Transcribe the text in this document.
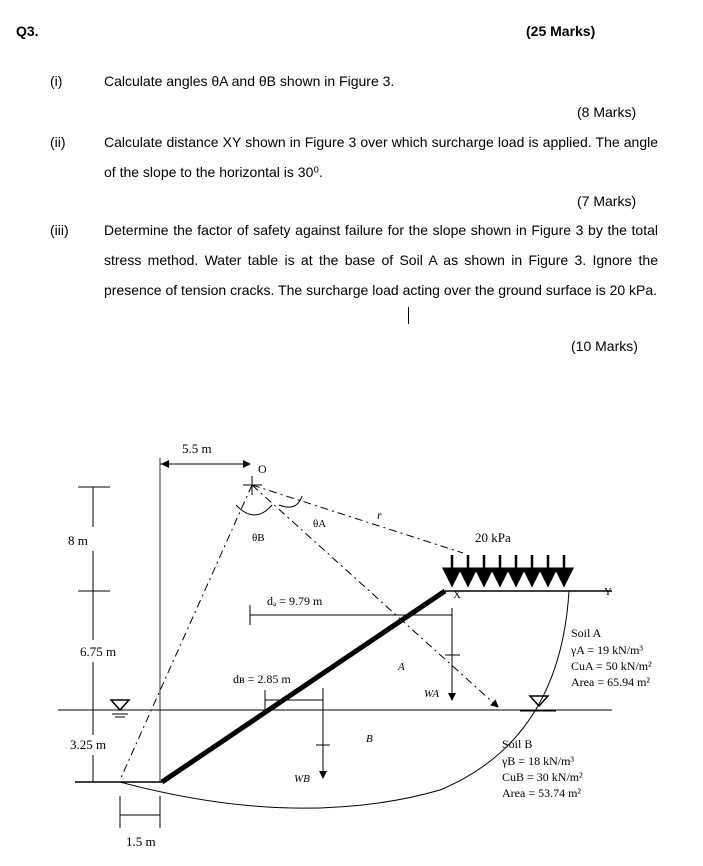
Q3.	(25 Marks)
(i)	Calculate angles θA and θB shown in Figure 3.
(8 Marks)
(ii)	Calculate distance XY shown in Figure 3 over which surcharge load is applied. The angle of the slope to the horizontal is 30⁰.
(7 Marks)
(iii)	Determine the factor of safety against failure for the slope shown in Figure 3 by the total stress method. Water table is at the base of Soil A as shown in Figure 3. Ignore the presence of tension cracks. The surcharge load acting over the ground surface is 20 kPa.
(10 Marks)
O
θB
θA
r
5.5 m
8 m
6.75 m
3.25 m
1.5 m
20 kPa
X	Y
dₐ = 9.79 m
WA
A
dʙ = 2.85 m
WB
B
Soil A
γA = 19 kN/m³
CuA = 50 kN/m²
Area = 65.94 m²
Soil B
γB = 18 kN/m³
CuB = 30 kN/m²
Area = 53.74 m²
